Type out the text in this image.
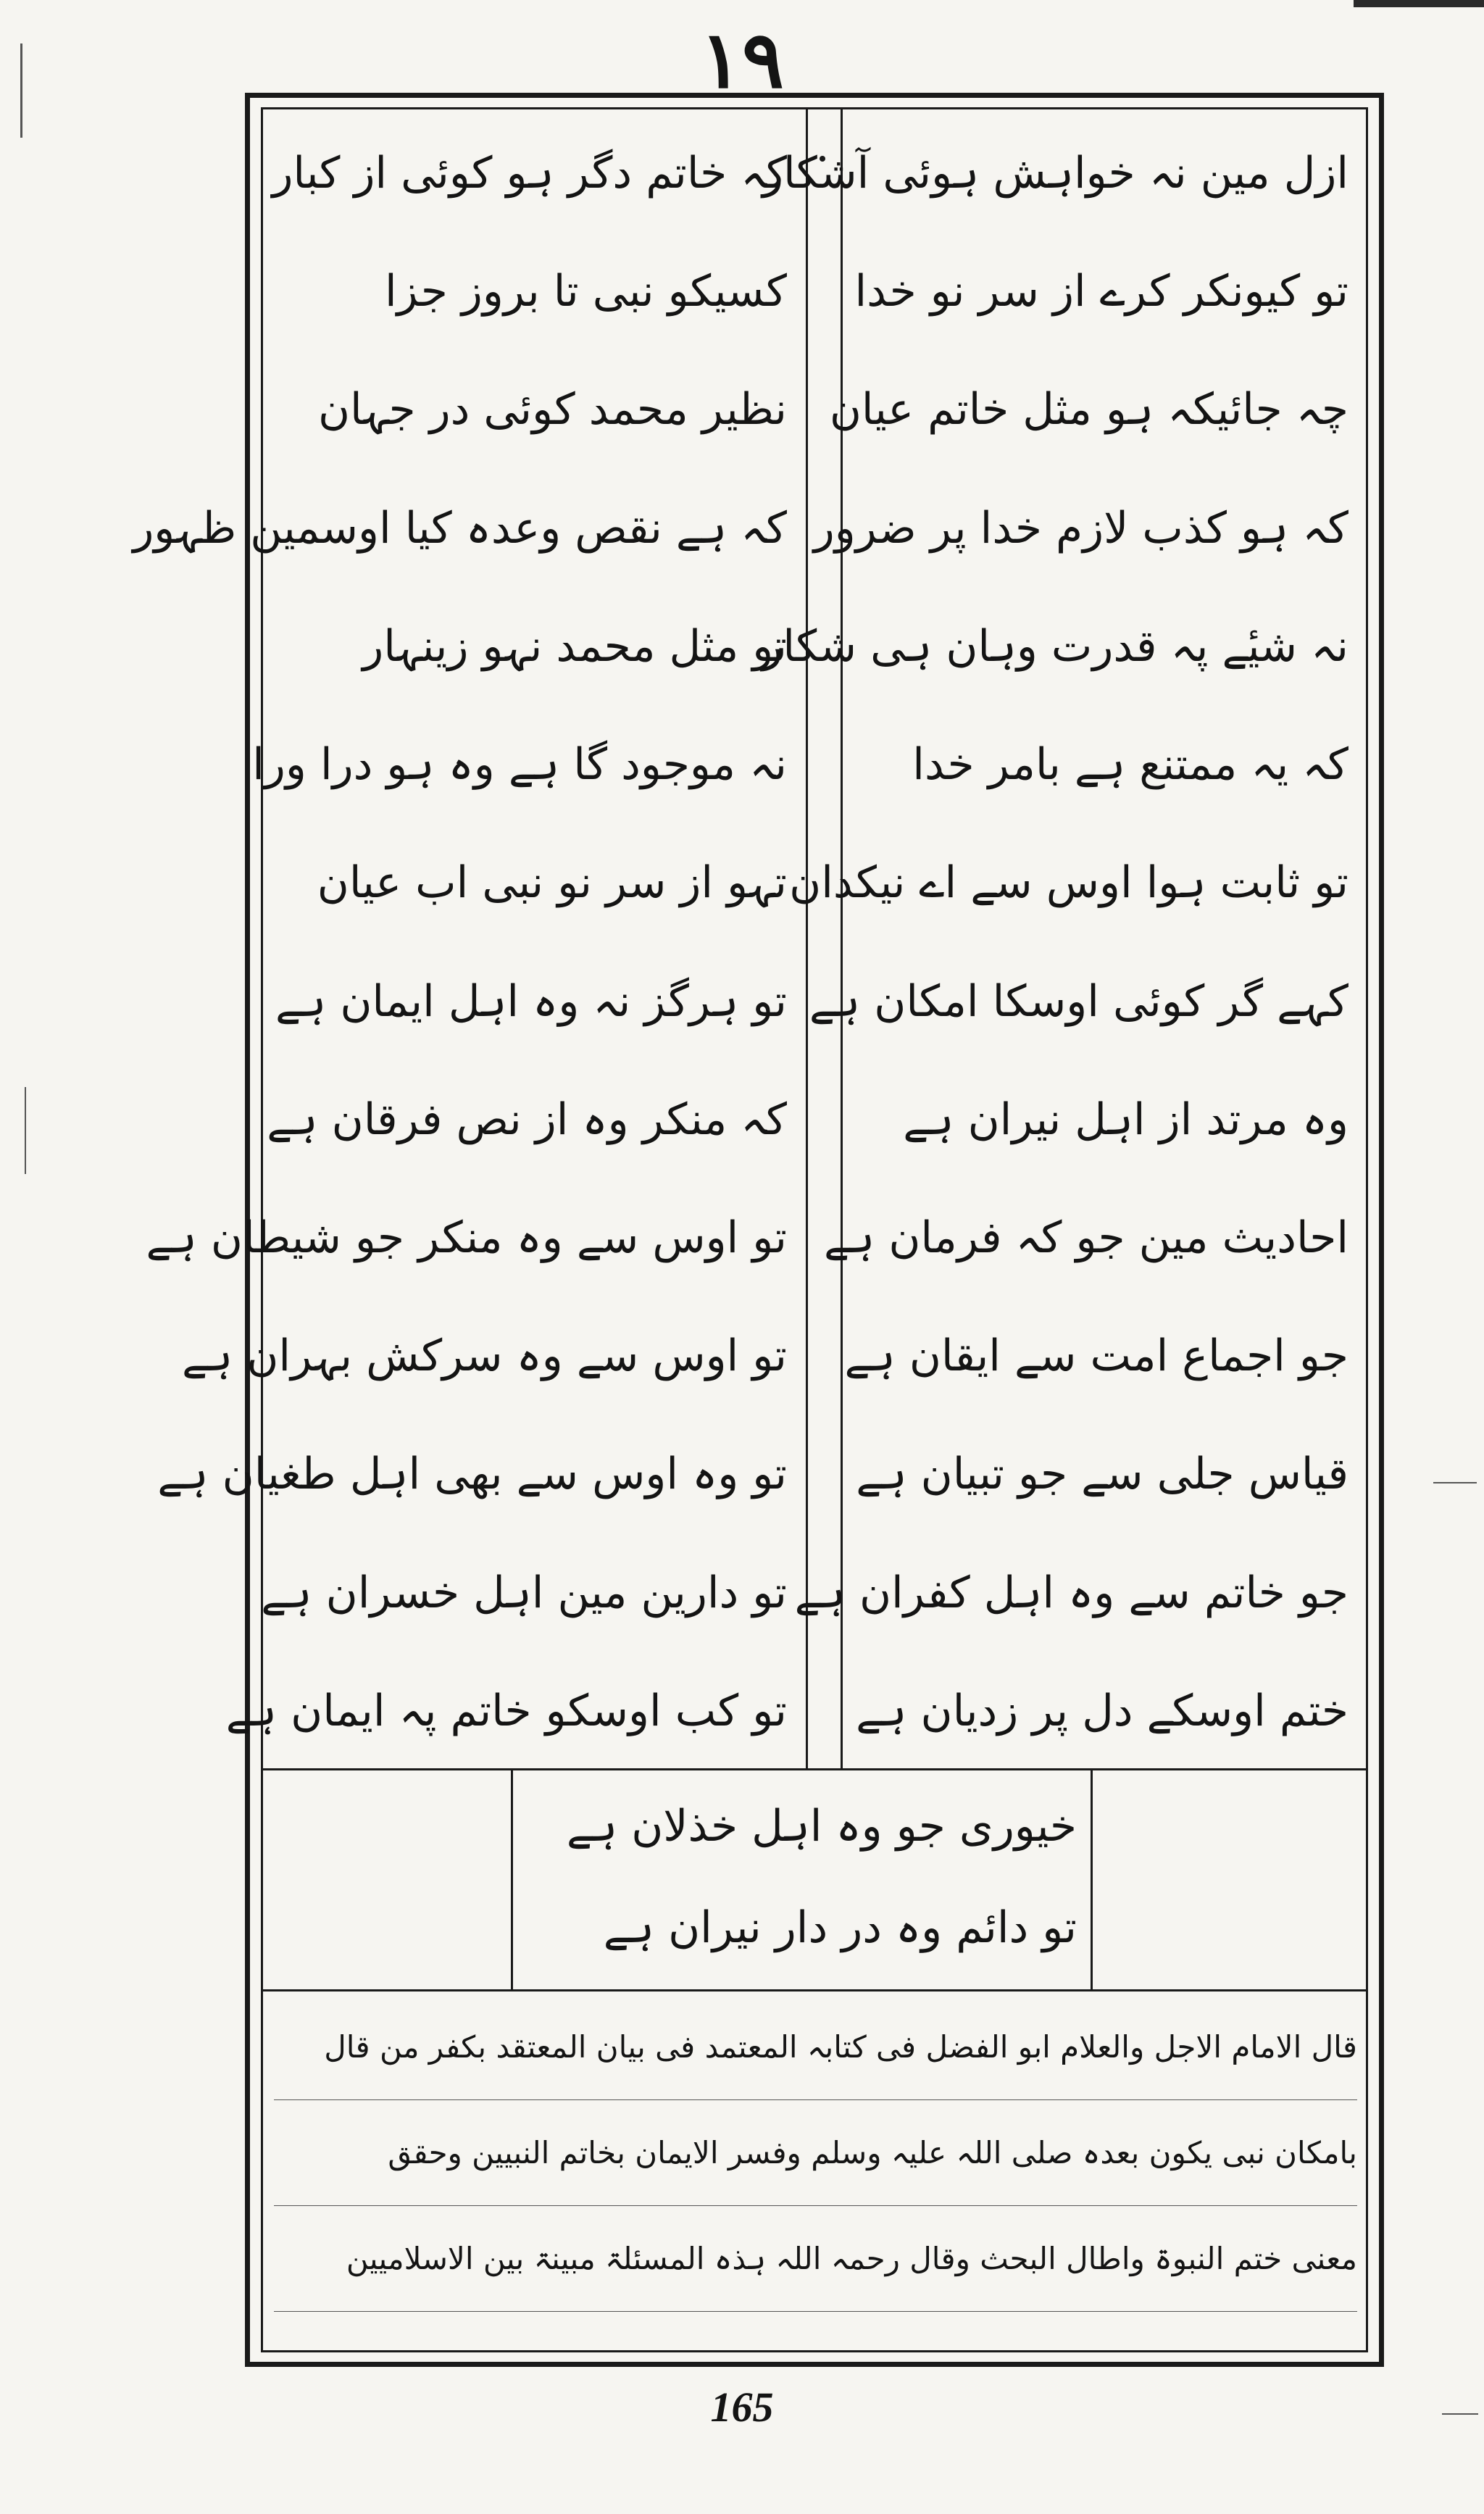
١٩
ازل مین نہ خواہش ہوئی آشکار
تو کیونکر کرے از سر نو خدا
چہ جائیکہ ہو مثل خاتم عیان
کہ ہو کذب لازم خدا پر ضرور
نہ شیٔے پہ قدرت وہان ہی شکار
کہ یہ ممتنع ہے بامر خدا
تو ثابت ہوا اوس سے اے نیکدان
کہے گر کوئی اوسکا امکان ہے
وہ مرتد از اہل نیران ہے
احادیث مین جو کہ فرمان ہے
جو اجماع امت سے ایقان ہے
قیاس جلی سے جو تبیان ہے
جو خاتم سے وہ اہل کفران ہے
ختم اوسکے دل پر زدیان ہے
کہ خاتم دگر ہو کوئی از کبار
کسیکو نبی تا بروز جزا
نظیر محمد کوئی در جہان
کہ ہے نقص وعدہ کیا اوسمین ظہور
تو مثل محمد نہو زینہار
نہ موجود گا ہے وہ ہو درا ورا
تہو از سر نو نبی اب عیان
تو ہرگز نہ وہ اہل ایمان ہے
کہ منکر وہ از نص فرقان ہے
تو اوس سے وہ منکر جو شیطان ہے
تو اوس سے وہ سرکش بہران ہے
تو وہ اوس سے بھی اہل طغیان ہے
تو دارین مین اہل خسران ہے
تو کب اوسکو خاتم پہ ایمان ہے
خیوری جو وہ اہل خذلان ہے
تو دائم وہ در دار نیران ہے
قال الامام الاجل والعلام ابو الفضل فی کتابہ المعتمد فی بیان المعتقد بکفر من قال
بامکان نبی یکون بعدہ صلی اللہ علیہ وسلم وفسر الایمان بخاتم النبیین وحقق
معنی ختم النبوۃ واطال البحث وقال رحمہ اللہ ہذہ المسئلۃ مبینۃ بین الاسلامیین
165
